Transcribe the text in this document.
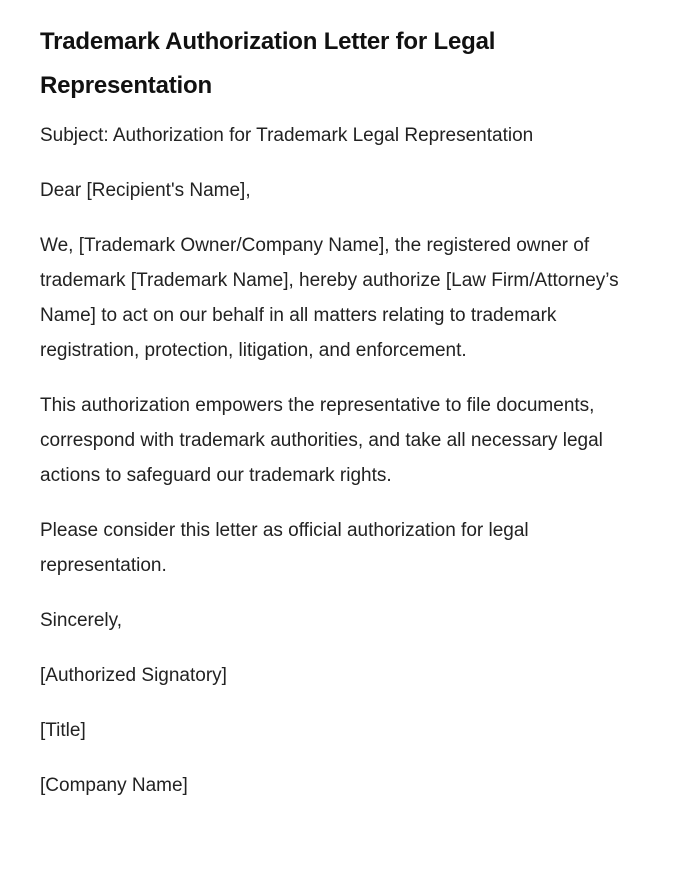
Trademark Authorization Letter for Legal Representation

Subject: Authorization for Trademark Legal Representation

Dear [Recipient's Name],

We, [Trademark Owner/Company Name], the registered owner of trademark [Trademark Name], hereby authorize [Law Firm/Attorney’s Name] to act on our behalf in all matters relating to trademark registration, protection, litigation, and enforcement.

This authorization empowers the representative to file documents, correspond with trademark authorities, and take all necessary legal actions to safeguard our trademark rights.

Please consider this letter as official authorization for legal representation.

Sincerely,

[Authorized Signatory]

[Title]

[Company Name]
